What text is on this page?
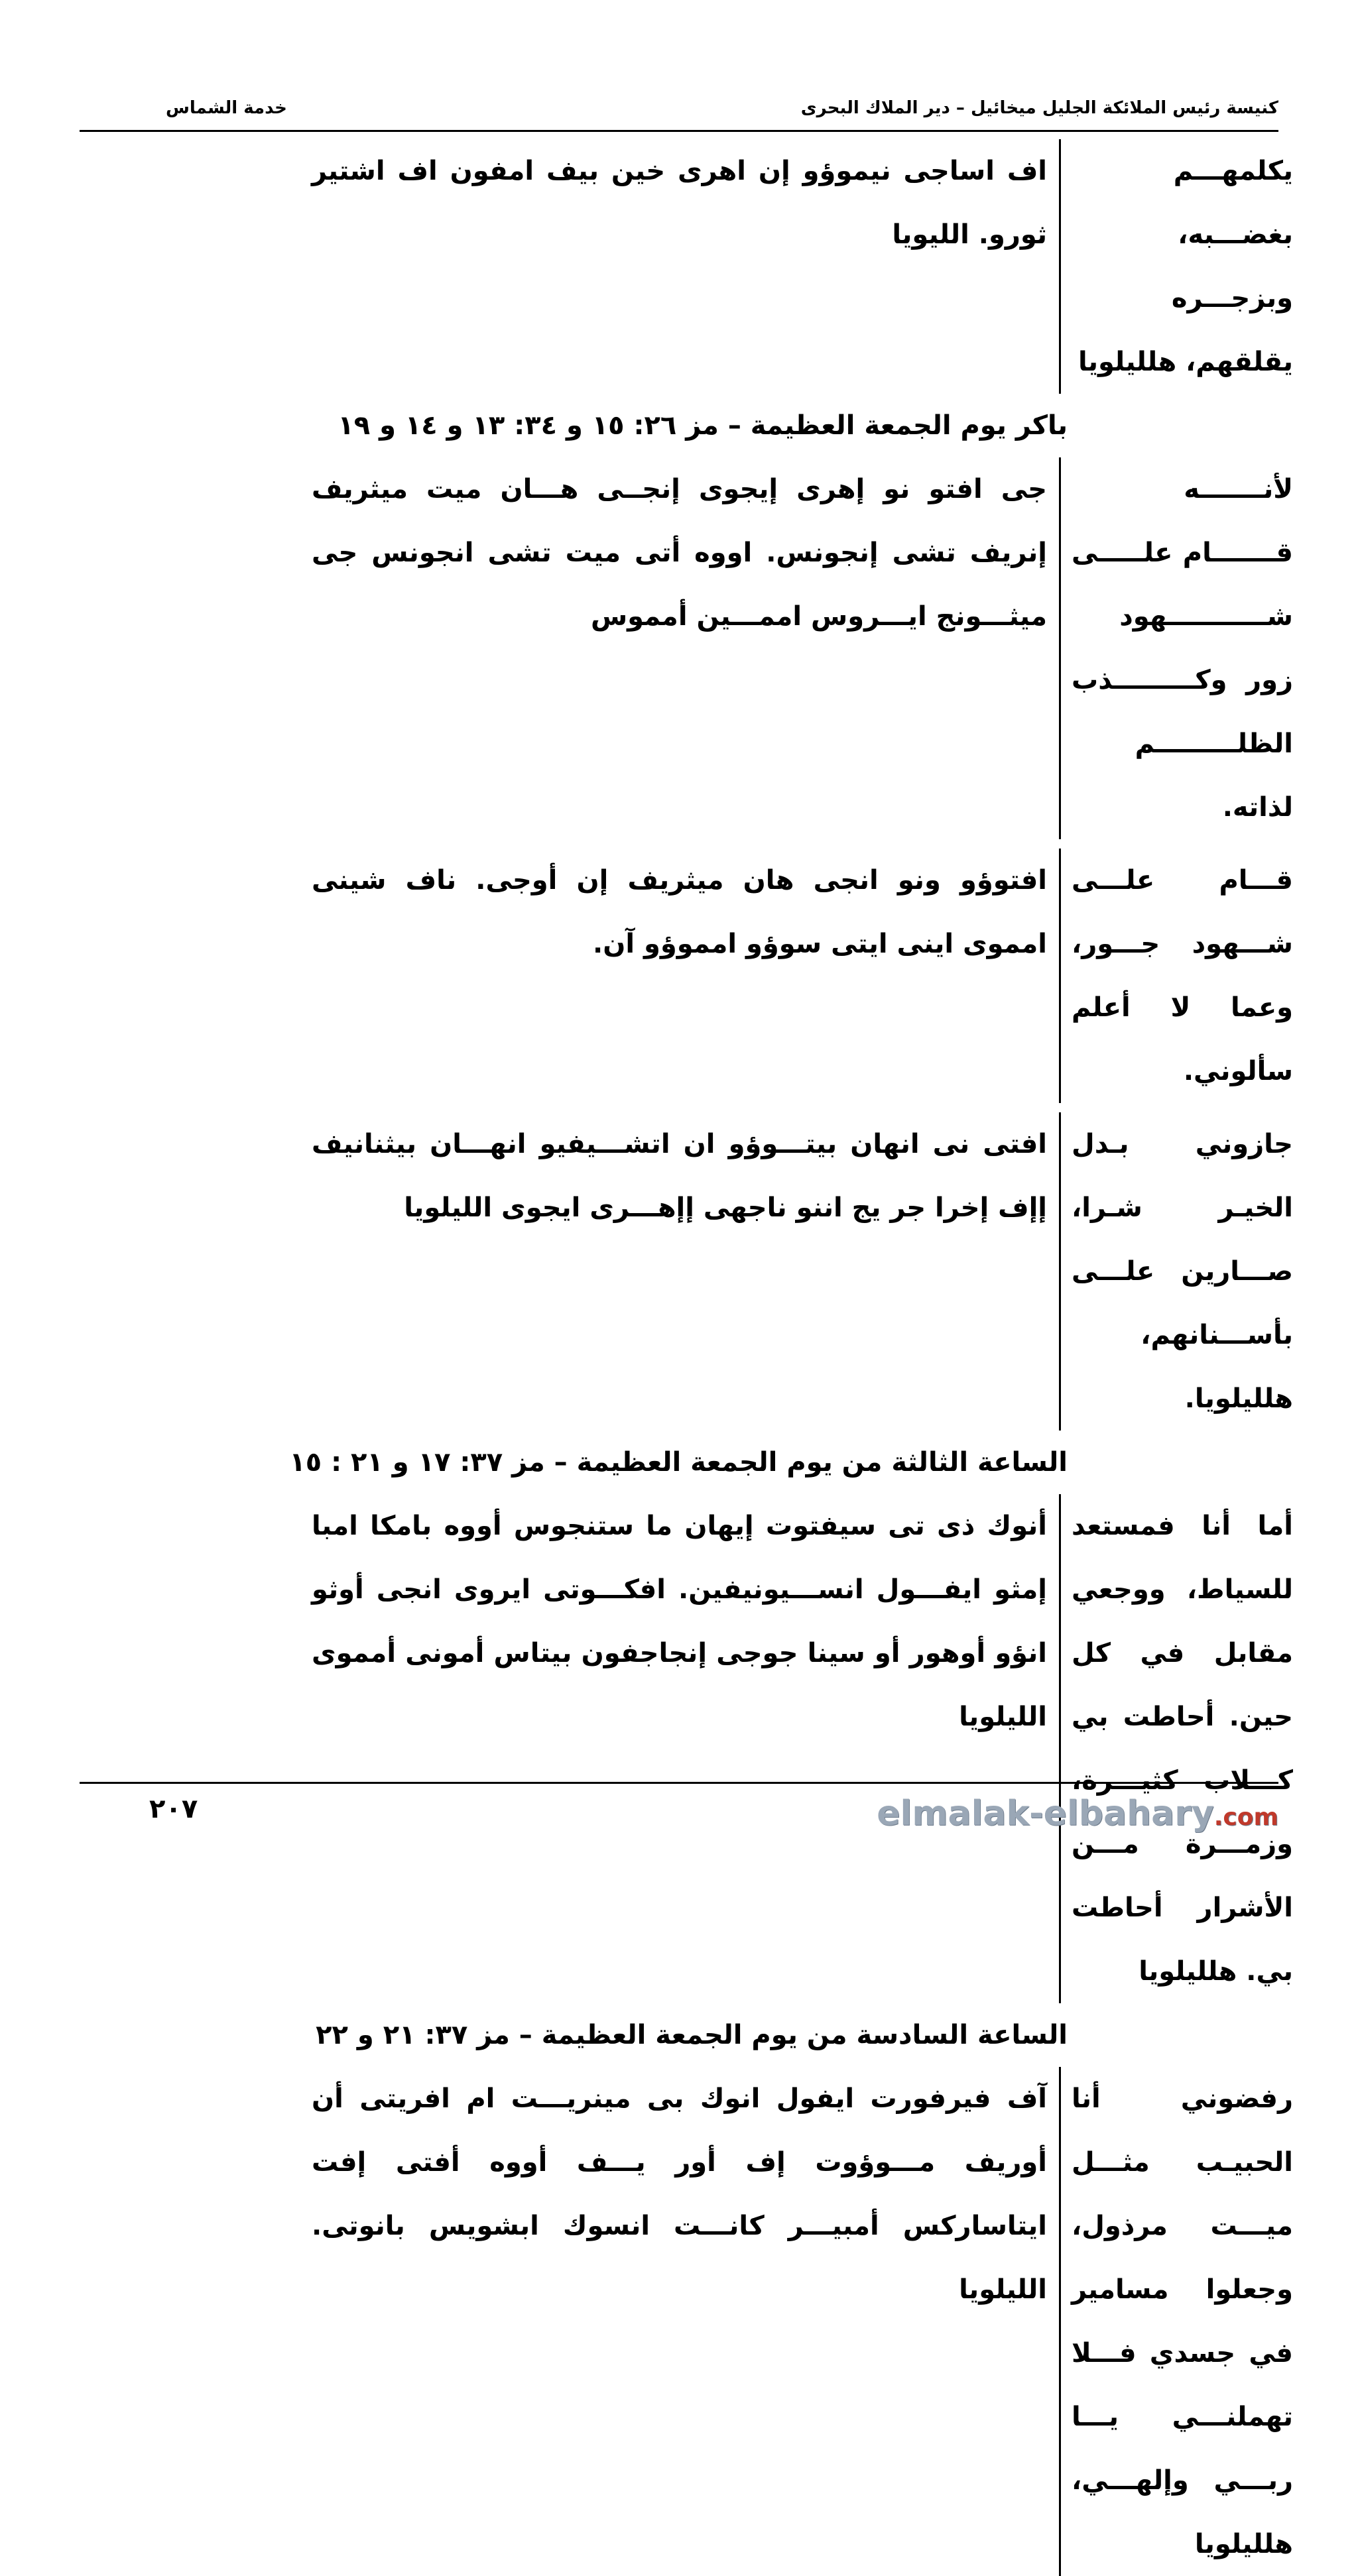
كنيسة رئيس الملائكة الجليل ميخائيل – دير الملاك البحرى
خدمة الشماس
يكلمهـــم بغضـــبه، وبزجـــره يقلقهم، هلليلويا
اف اساجى نيموؤو إن اهرى خين بيف امفون اف اشتير ثورو. الليويا
باكر يوم الجمعة العظيمة – مز ٢٦: ١٥ و ٣٤: ١٣ و ١٤ و ١٩
لأنـــــــه قـــــــام علـــــى شـــــــــــهود زور وكـــــــــذب الظلـــــــــم لذاته.
جى افتو نو إهرى إيجوى إنجــى هـــان ميت ميثريف إنريف تشى إنجونس. اووه أتى ميت تشى انجونس جى ميثـــونج ايـــروس اممـــين أمموس
قـــام علـــى شـــهود جـــور، وعما لا أعلم سألوني.
افتوؤو ونو انجى هان ميثريف إن أوجى. ناف شينى امموى اينى ايتى سوؤو امموؤو آن.
جازوني بـدل الخيـر شـرا، صـــارين علـــى بأســـنانهم، هلليلويا.
افتى نى انهان بيتـــوؤو ان اتشـــيفيو انهـــان بيثنانيف إإف إخرا جر يج اننو ناجهى إإهـــرى ايجوى الليلويا
الساعة الثالثة من يوم الجمعة العظيمة – مز ٣٧: ١٧ و ٢١ : ١٥
أما أنا فمستعد للسياط، ووجعي مقابل في كل حين. أحاطت بي كـــلاب كثيـــرة، وزمـــرة مـــن الأشرار أحاطت بي. هلليلويا
أنوك ذى تى سيفتوت إيهان ما ستنجوس أووه بامكا امبا إمثو ايفـــول انســـيونيفين. افكـــوتى ايروى انجى أوثو انؤو أوهور أو سينا جوجى إنجاجفون بيتاس أمونى أمموى الليلويا
الساعة السادسة من يوم الجمعة العظيمة – مز ٣٧: ٢١ و ٢٢
رفضوني أنا الحبيـب مثـــل ميـــت مرذول، وجعلوا مسامير في جسدي فـــلا تهملنـــي يـــا ربـــي وإلهـــي، هلليلويا
آف فيرفورت ايفول انوك بى مينريـــت ام افريتى أن أوريف مـــوؤوت إف أور يـــف أووه أفتى إفت ايتاساركس أمبيـــر كانـــت انسوك ابشويس بانوتى. الليلويا
٢٠٧	elmalak-elbahary.com
